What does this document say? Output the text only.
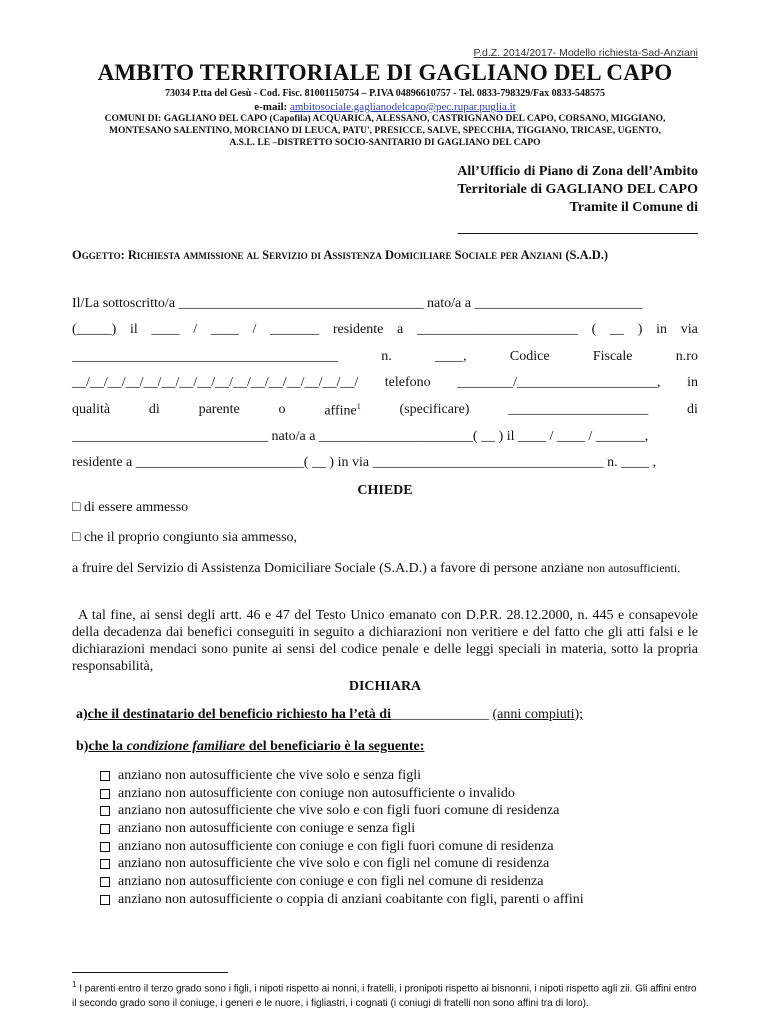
P.d.Z. 2014/2017- Modello richiesta-Sad-Anziani
AMBITO TERRITORIALE DI GAGLIANO DEL CAPO
73034 P.tta del Gesù - Cod. Fisc. 81001150754 – P.IVA 04896610757 - Tel. 0833-798329/Fax 0833-548575
e-mail: ambitosociale.gaglianodelcapo@pec.rupar.puglia.it
COMUNI DI: GAGLIANO DEL CAPO (Capofila) ACQUARICA, ALESSANO, CASTRIGNANO DEL CAPO, CORSANO, MIGGIANO,
MONTESANO SALENTINO, MORCIANO DI LEUCA, PATU', PRESICCE, SALVE, SPECCHIA, TIGGIANO, TRICASE, UGENTO,
A.S.L. LE –DISTRETTO SOCIO-SANITARIO DI GAGLIANO DEL CAPO
All’Ufficio di Piano di Zona dell’Ambito
Territoriale di GAGLIANO DEL CAPO
Tramite il Comune di
Oggetto: Richiesta ammissione al Servizio di Assistenza Domiciliare Sociale per Anziani (S.A.D.)
Il/La sottoscritto/a ___________________________________ nato/a a ________________________
(_____) il ____ / ____ / _______ residente a _______________________ ( __ ) in via
______________________________________	n.	____,	Codice	Fiscale	n.ro
__/__/__/__/__/__/__/__/__/__/__/__/__/__/__/__/ telefono ________/____________________, in
qualità	di	parente	o	affine$^1$	(specificare)	____________________	di
____________________________ nato/a a ______________________( __ ) il ____ / ____ / _______,
residente a ________________________( __ ) in via _________________________________ n. ____ ,
CHIEDE
□ di essere ammesso
□ che il proprio congiunto sia ammesso,
a fruire del Servizio di Assistenza Domiciliare Sociale (S.A.D.) a favore di persone anziane non autosufficienti.
A tal fine, ai sensi degli artt. 46 e 47 del Testo Unico emanato con D.P.R. 28.12.2000, n. 445 e consapevole della decadenza dai benefici conseguiti in seguito a dichiarazioni non veritiere e del fatto che gli atti falsi e le dichiarazioni mendaci sono punite ai sensi del codice penale e delle leggi speciali in materia, sotto la propria responsabilità,
DICHIARA
a)che il destinatario del beneficio richiesto ha l’età di______________ (anni compiuti);
b)che la condizione familiare del beneficiario è la seguente:
anziano non autosufficiente che vive solo e senza figli
anziano non autosufficiente con coniuge non autosufficiente o invalido
anziano non autosufficiente che vive solo e con figli fuori comune di residenza
anziano non autosufficiente con coniuge e senza figli
anziano non autosufficiente con coniuge e con figli fuori comune di residenza
anziano non autosufficiente che vive solo e con figli nel comune di residenza
anziano non autosufficiente con coniuge e con figli nel comune di residenza
anziano non autosufficiente o coppia di anziani coabitante con figli, parenti o affini
$^1$ I parenti entro il terzo grado sono i figli, i nipoti rispetto ai nonni, i fratelli, i pronipoti rispetto ai bisnonni, i nipoti rispetto agli zii. Gli affini entro il secondo grado sono il coniuge, i generi e le nuore, i figliastri, i cognati (i coniugi di fratelli non sono affini tra di loro).
